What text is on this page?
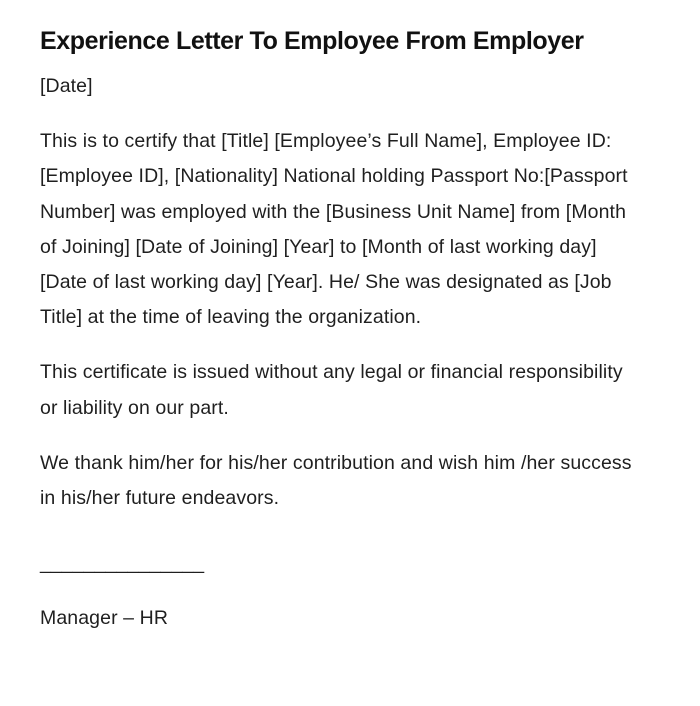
Experience Letter To Employee From Employer

[Date]

This is to certify that [Title] [Employee’s Full Name], Employee ID: [Employee ID], [Nationality] National holding Passport No:[Passport Number] was employed with the [Business Unit Name] from [Month of Joining] [Date of Joining] [Year] to [Month of last working day] [Date of last working day] [Year]. He/ She was designated as [Job Title] at the time of leaving the organization.

This certificate is issued without any legal or financial responsibility or liability on our part.

We thank him/her for his/her contribution and wish him /her success in his/her future endeavors.

_______________

Manager – HR
